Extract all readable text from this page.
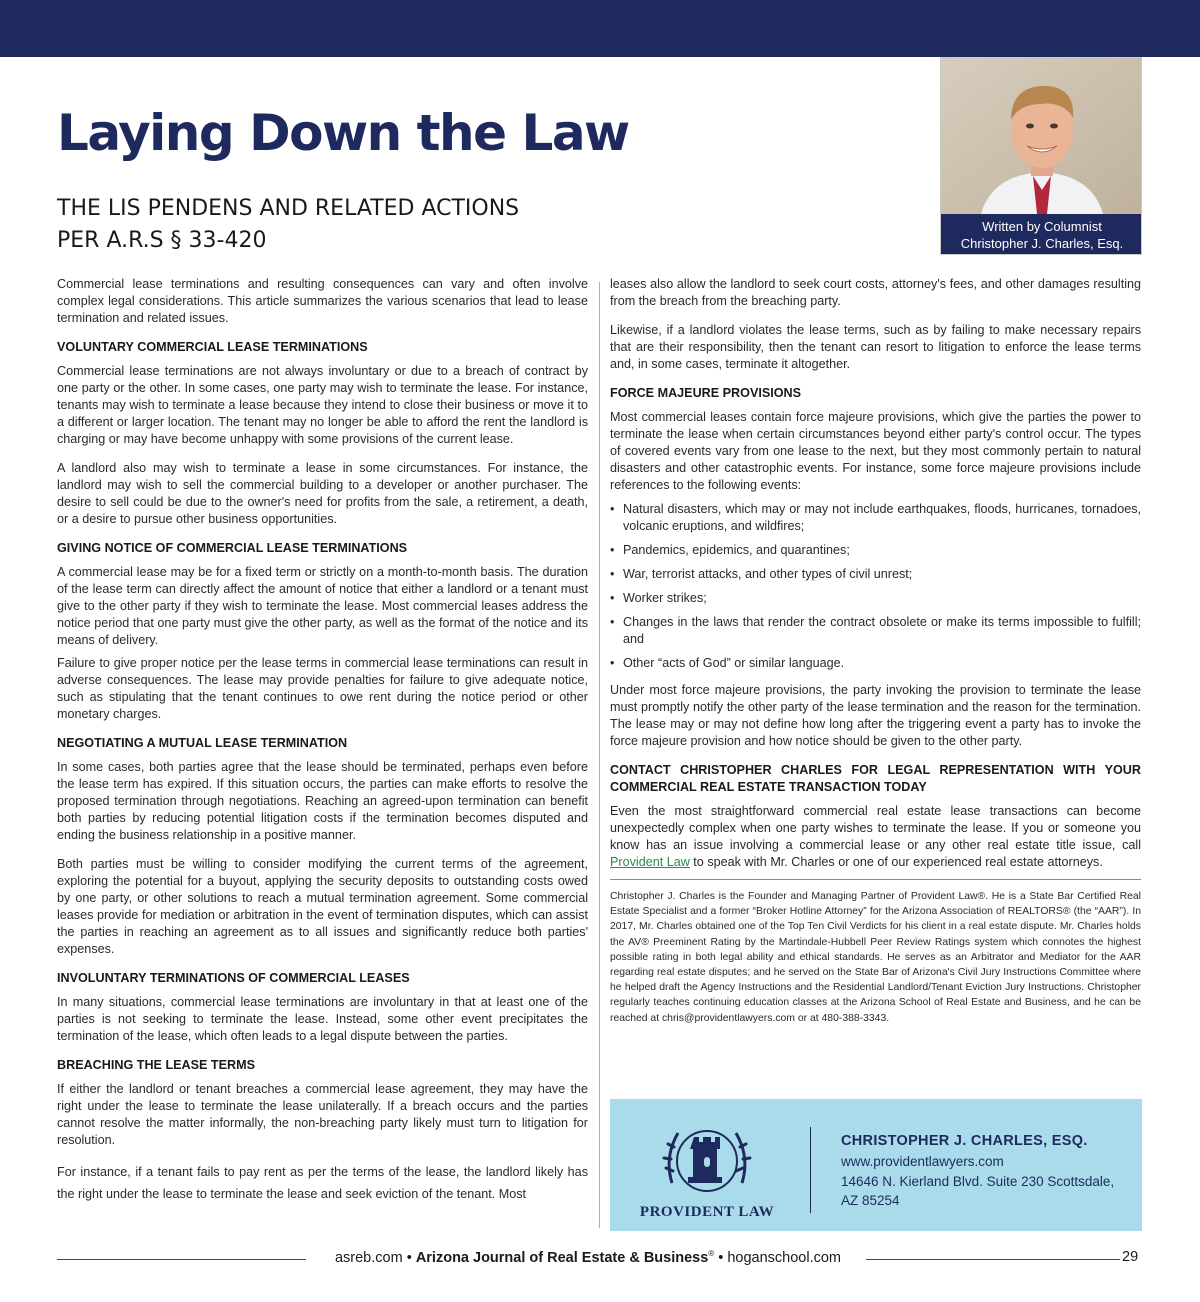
Laying Down the Law
THE LIS PENDENS AND RELATED ACTIONS
PER A.R.S § 33-420
Written by Columnist
Christopher J. Charles, Esq.

Commercial lease terminations and resulting consequences can vary and often involve complex legal considerations. This article summarizes the various scenarios that lead to lease termination and related issues.

VOLUNTARY COMMERCIAL LEASE TERMINATIONS

Commercial lease terminations are not always involuntary or due to a breach of contract by one party or the other. In some cases, one party may wish to terminate the lease. For instance, tenants may wish to terminate a lease because they intend to close their business or move it to a different or larger location. The tenant may no longer be able to afford the rent the landlord is charging or may have become unhappy with some provisions of the current lease.

A landlord also may wish to terminate a lease in some circumstances. For instance, the landlord may wish to sell the commercial building to a developer or another purchaser. The desire to sell could be due to the owner's need for profits from the sale, a retirement, a death, or a desire to pursue other business opportunities.

GIVING NOTICE OF COMMERCIAL LEASE TERMINATIONS

A commercial lease may be for a fixed term or strictly on a month-to-month basis. The duration of the lease term can directly affect the amount of notice that either a landlord or a tenant must give to the other party if they wish to terminate the lease. Most commercial leases address the notice period that one party must give the other party, as well as the format of the notice and its means of delivery.

Failure to give proper notice per the lease terms in commercial lease terminations can result in adverse consequences. The lease may provide penalties for failure to give adequate notice, such as stipulating that the tenant continues to owe rent during the notice period or other monetary charges.

NEGOTIATING A MUTUAL LEASE TERMINATION

In some cases, both parties agree that the lease should be terminated, perhaps even before the lease term has expired. If this situation occurs, the parties can make efforts to resolve the proposed termination through negotiations. Reaching an agreed-upon termination can benefit both parties by reducing potential litigation costs if the termination becomes disputed and ending the business relationship in a positive manner.

Both parties must be willing to consider modifying the current terms of the agreement, exploring the potential for a buyout, applying the security deposits to outstanding costs owed by one party, or other solutions to reach a mutual termination agreement. Some commercial leases provide for mediation or arbitration in the event of termination disputes, which can assist the parties in reaching an agreement as to all issues and significantly reduce both parties' expenses.

INVOLUNTARY TERMINATIONS OF COMMERCIAL LEASES

In many situations, commercial lease terminations are involuntary in that at least one of the parties is not seeking to terminate the lease. Instead, some other event precipitates the termination of the lease, which often leads to a legal dispute between the parties.

BREACHING THE LEASE TERMS

If either the landlord or tenant breaches a commercial lease agreement, they may have the right under the lease to terminate the lease unilaterally. If a breach occurs and the parties cannot resolve the matter informally, the non-breaching party likely must turn to litigation for resolution.

For instance, if a tenant fails to pay rent as per the terms of the lease, the landlord likely has the right under the lease to terminate the lease and seek eviction of the tenant. Most

leases also allow the landlord to seek court costs, attorney's fees, and other damages resulting from the breach from the breaching party.

Likewise, if a landlord violates the lease terms, such as by failing to make necessary repairs that are their responsibility, then the tenant can resort to litigation to enforce the lease terms and, in some cases, terminate it altogether.

FORCE MAJEURE PROVISIONS

Most commercial leases contain force majeure provisions, which give the parties the power to terminate the lease when certain circumstances beyond either party's control occur. The types of covered events vary from one lease to the next, but they most commonly pertain to natural disasters and other catastrophic events. For instance, some force majeure provisions include references to the following events:

• Natural disasters, which may or may not include earthquakes, floods, hurricanes, tornadoes, volcanic eruptions, and wildfires;
• Pandemics, epidemics, and quarantines;
• War, terrorist attacks, and other types of civil unrest;
• Worker strikes;
• Changes in the laws that render the contract obsolete or make its terms impossible to fulfill; and
• Other “acts of God” or similar language.

Under most force majeure provisions, the party invoking the provision to terminate the lease must promptly notify the other party of the lease termination and the reason for the termination. The lease may or may not define how long after the triggering event a party has to invoke the force majeure provision and how notice should be given to the other party.

CONTACT CHRISTOPHER CHARLES FOR LEGAL REPRESENTATION WITH YOUR COMMERCIAL REAL ESTATE TRANSACTION TODAY

Even the most straightforward commercial real estate lease transactions can become unexpectedly complex when one party wishes to terminate the lease. If you or someone you know has an issue involving a commercial lease or any other real estate title issue, call Provident Law to speak with Mr. Charles or one of our experienced real estate attorneys.

Christopher J. Charles is the Founder and Managing Partner of Provident Law®. He is a State Bar Certified Real Estate Specialist and a former “Broker Hotline Attorney” for the Arizona Association of REALTORS® (the “AAR”). In 2017, Mr. Charles obtained one of the Top Ten Civil Verdicts for his client in a real estate dispute. Mr. Charles holds the AV® Preeminent Rating by the Martindale-Hubbell Peer Review Ratings system which connotes the highest possible rating in both legal ability and ethical standards. He serves as an Arbitrator and Mediator for the AAR regarding real estate disputes; and he served on the State Bar of Arizona's Civil Jury Instructions Committee where he helped draft the Agency Instructions and the Residential Landlord/Tenant Eviction Jury Instructions. Christopher regularly teaches continuing education classes at the Arizona School of Real Estate and Business, and he can be reached at chris@providentlawyers.com or at 480-388-3343.

PROVIDENT LAW
CHRISTOPHER J. CHARLES, ESQ.
www.providentlawyers.com
14646 N. Kierland Blvd. Suite 230 Scottsdale,
AZ 85254
asreb.com • Arizona Journal of Real Estate & Business® • hoganschool.com	29
